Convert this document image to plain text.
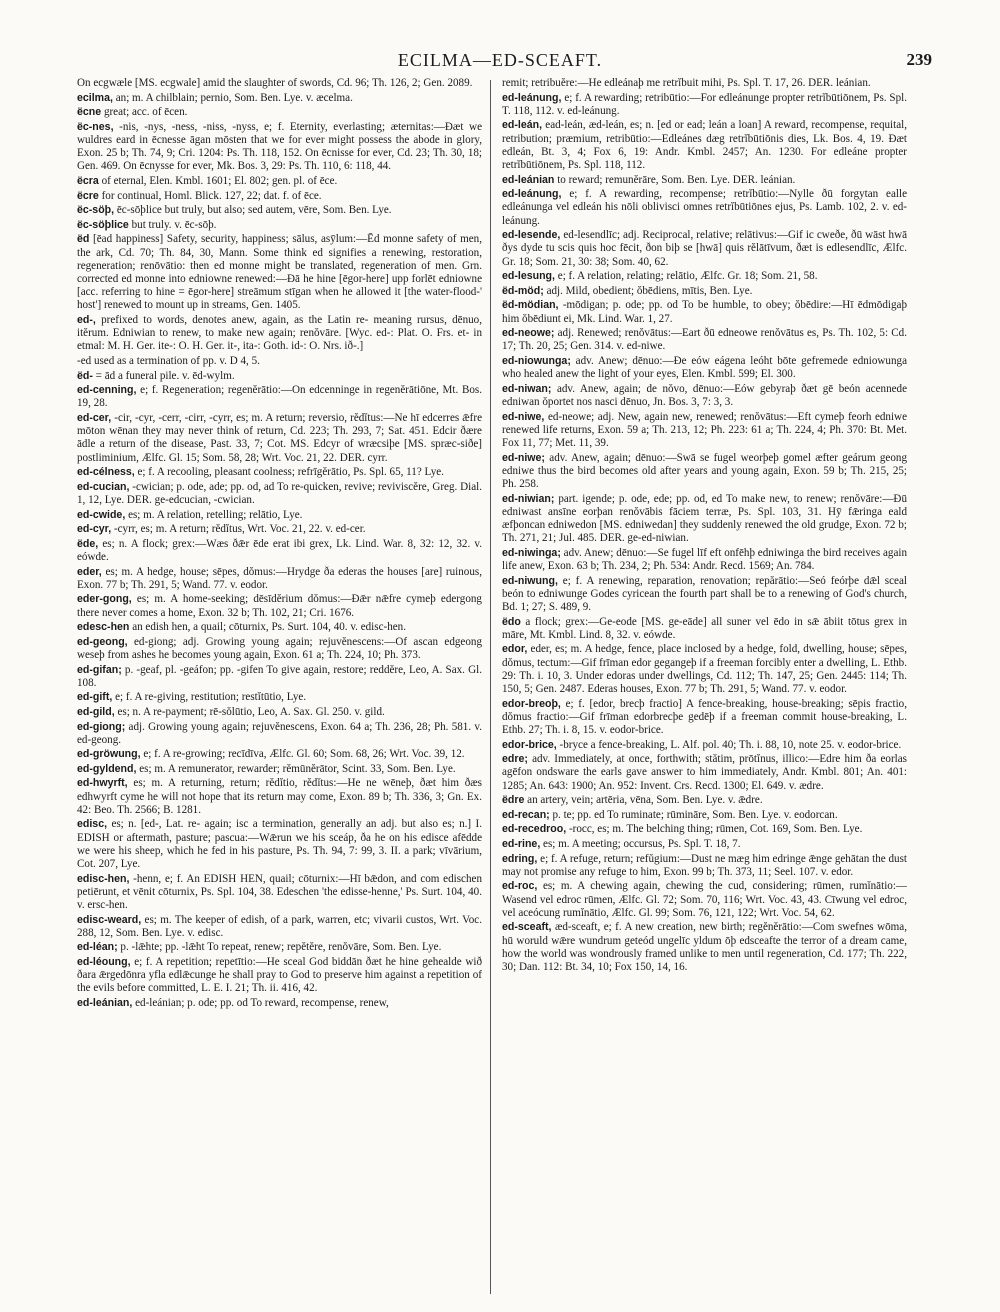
ECILMA—ED-SCEAFT.	239

On ecgwæle [MS. ecgwale] amid the slaughter of swords, Cd. 96; Th. 126, 2; Gen. 2089.

ecilma, an; m. A chilblain; pernio, Som. Ben. Lye. v. æcelma.

ëcne great; acc. of ēcen.

ëc-nes, -nis, -nys, -ness, -niss, -nyss, e; f. Eternity, everlasting; æternitas:—Ðæt we wuldres eard in ēcnesse āgan mōsten that we for ever might possess the abode in glory, Exon. 25 b; Th. 74, 9; Cri. 1204: Ps. Th. 118, 152. On ēcnisse for ever, Cd. 23; Th. 30, 18; Gen. 469. On ēcnysse for ever, Mk. Bos. 3, 29: Ps. Th. 110, 6: 118, 44.

ëcra of eternal, Elen. Kmbl. 1601; El. 802; gen. pl. of ēce.

ëcre for continual, Homl. Blick. 127, 22; dat. f. of ēce.

ëc-söþ, ēc-sōþlice but truly, but also; sed autem, vēre, Som. Ben. Lye.

ëc-söþlice but truly. v. ēc-sōþ.

ëd [ēad happiness] Safety, security, happiness; sālus, asȳlum:—Ēd monne safety of men, the ark, Cd. 70; Th. 84, 30, Mann. Some think ed signifies a renewing, restoration, regeneration; renōvātio: then ed monne might be translated, regeneration of men. Grn. corrected ed monne into edniowne renewed:—Ðā he hine [ēgor-here] upp forlēt edniowne [acc. referring to hine = ēgor-here] streāmum stīgan when he allowed it [the water-flood-' host'] renewed to mount up in streams, Gen. 1405.

ed-, prefixed to words, denotes anew, again, as the Latin re- meaning rursus, dēnuo, itĕrum. Edniwian to renew, to make new again; renŏvāre. [Wyc. ed-: Plat. O. Frs. et- in etmal: M. H. Ger. ite-: O. H. Ger. it-, ita-: Goth. id-: O. Nrs. ið-.]

-ed used as a termination of pp. v. D 4, 5.

ëd- = ād a funeral pile. v. ēd-wylm.

ed-cenning, e; f. Regeneration; regenĕrātio:—On edcenninge in regenĕrātiōne, Mt. Bos. 19, 28.

ed-cer, -cir, -cyr, -cerr, -cirr, -cyrr, es; m. A return; reversio, rĕdĭtus:—Ne hī edcerres ǣfre mōton wēnan they may never think of return, Cd. 223; Th. 293, 7; Sat. 451. Edcir ðære ādle a return of the disease, Past. 33, 7; Cot. MS. Edcyr of wræcsiþe [MS. spræc-siðe] postliminium, Ælfc. Gl. 15; Som. 58, 28; Wrt. Voc. 21, 22. DER. cyrr.

ed-célness, e; f. A recooling, pleasant coolness; refrīgĕrātio, Ps. Spl. 65, 11? Lye.

ed-cucian, -cwician; p. ode, ade; pp. od, ad To re-quicken, revive; reviviscĕre, Greg. Dial. 1, 12, Lye. DER. ge-edcucian, -cwician.

ed-cwide, es; m. A relation, retelling; relātio, Lye.

ed-cyr, -cyrr, es; m. A return; rĕdĭtus, Wrt. Voc. 21, 22. v. ed-cer.

ëde, es; n. A flock; grex:—Wæs ðǣr ēde erat ibi grex, Lk. Lind. War. 8, 32: 12, 32. v. eówde.

eder, es; m. A hedge, house; sēpes, dŏmus:—Hrydge ða ederas the houses [are] ruinous, Exon. 77 b; Th. 291, 5; Wand. 77. v. eodor.

eder-gong, es; m. A home-seeking; dēsīdĕrium dŏmus:—Ðǣr nǣfre cymeþ edergong there never comes a home, Exon. 32 b; Th. 102, 21; Cri. 1676.

edesc-hen an edish hen, a quail; cōturnix, Ps. Surt. 104, 40. v. edisc-hen.

ed-geong, ed-giong; adj. Growing young again; rejuvĕnescens:—Of ascan edgeong weseþ from ashes he becomes young again, Exon. 61 a; Th. 224, 10; Ph. 373.

ed-gifan; p. -geaf, pl. -geáfon; pp. -gifen To give again, restore; reddĕre, Leo, A. Sax. Gl. 108.

ed-gift, e; f. A re-giving, restitution; restĭtūtio, Lye.

ed-gild, es; n. A re-payment; rē-sŏlūtio, Leo, A. Sax. Gl. 250. v. gild.

ed-giong; adj. Growing young again; rejuvĕnescens, Exon. 64 a; Th. 236, 28; Ph. 581. v. ed-geong.

ed-gröwung, e; f. A re-growing; recīdīva, Ælfc. Gl. 60; Som. 68, 26; Wrt. Voc. 39, 12.

ed-gyldend, es; m. A remunerator, rewarder; rĕmūnĕrātor, Scint. 33, Som. Ben. Lye.

ed-hwyrft, es; m. A returning, return; rĕdĭtio, rĕdĭtus:—He ne wēneþ, ðæt him ðæs edhwyrft cyme he will not hope that its return may come, Exon. 89 b; Th. 336, 3; Gn. Ex. 42: Beo. Th. 2566; B. 1281.

edisc, es; n. [ed-, Lat. re- again; isc a termination, generally an adj. but also es; n.] I. EDISH or aftermath, pasture; pascua:—Wǣrun we his sceáp, ða he on his edisce afēdde we were his sheep, which he fed in his pasture, Ps. Th. 94, 7: 99, 3. II. a park; vīvārium, Cot. 207, Lye.

edisc-hen, -henn, e; f. An EDISH HEN, quail; cōturnix:—Hī bǣdon, and com edischen petiērunt, et vēnit cōturnix, Ps. Spl. 104, 38. Edeschen 'the edisse-henne,' Ps. Surt. 104, 40. v. ersc-hen.

edisc-weard, es; m. The keeper of edish, of a park, warren, etc; vivarii custos, Wrt. Voc. 288, 12, Som. Ben. Lye. v. edisc.

ed-léan; p. -lǣhte; pp. -lǣht To repeat, renew; repĕtĕre, renŏvāre, Som. Ben. Lye.

ed-léoung, e; f. A repetition; repetītio:—He sceal God biddān ðæt he hine gehealde wið ðara ǣrgedōnra yfla edlǣcunge he shall pray to God to preserve him against a repetition of the evils before committed, L. E. I. 21; Th. ii. 416, 42.

ed-leánian, ed-leánian; p. ode; pp. od To reward, recompense, renew,

remit; retribuĕre:—He edleánaþ me retrĭbuit mihi, Ps. Spl. T. 17, 26. DER. leánian.

ed-leánung, e; f. A rewarding; retribūtio:—For edleánunge propter retrĭbūtiōnem, Ps. Spl. T. 118, 112. v. ed-leánung.

ed-leán, ead-leán, æd-leán, es; n. [ed or ead; leán a loan] A reward, recompense, requital, retribution; præmium, retribūtio:—Edleánes dæg retrĭbūtiōnis dies, Lk. Bos. 4, 19. Ðæt edleán, Bt. 3, 4; Fox 6, 19: Andr. Kmbl. 2457; An. 1230. For edleáne propter retrĭbūtiōnem, Ps. Spl. 118, 112.

ed-leánian to reward; remunĕrāre, Som. Ben. Lye. DER. leánian.

ed-leánung, e; f. A rewarding, recompense; retrĭbūtio:—Nylle ðū forgytan ealle edleánunga vel edleán his nōli oblivisci omnes retrĭbūtiōnes ejus, Ps. Lamb. 102, 2. v. ed-leánung.

ed-lesende, ed-lesendlīc; adj. Reciprocal, relative; relātivus:—Gif ic cweðe, ðū wāst hwā ðys dyde tu scis quis hoc fēcit, ðon biþ se [hwā] quis rĕlātīvum, ðæt is edlesendlīc, Ælfc. Gr. 18; Som. 21, 30: 38; Som. 40, 62.

ed-lesung, e; f. A relation, relating; relātio, Ælfc. Gr. 18; Som. 21, 58.

ëd-möd; adj. Mild, obedient; ŏbēdiens, mītis, Ben. Lye.

ëd-mödian, -mōdigan; p. ode; pp. od To be humble, to obey; ŏbēdire:—Hī ēdmōdigaþ him ŏbēdiunt ei, Mk. Lind. War. 1, 27.

ed-neowe; adj. Renewed; renŏvātus:—Eart ðū edneowe renŏvātus es, Ps. Th. 102, 5: Cd. 17; Th. 20, 25; Gen. 314. v. ed-niwe.

ed-niowunga; adv. Anew; dēnuo:—Ðe eów eágena leóht bōte gefremede edniowunga who healed anew the light of your eyes, Elen. Kmbl. 599; El. 300.

ed-niwan; adv. Anew, again; de nŏvo, dēnuo:—Eów gebyraþ ðæt gē beón acennede edniwan ŏportet nos nasci dēnuo, Jn. Bos. 3, 7: 3, 3.

ed-niwe, ed-neowe; adj. New, again new, renewed; renŏvātus:—Eft cymeþ feorh edniwe renewed life returns, Exon. 59 a; Th. 213, 12; Ph. 223: 61 a; Th. 224, 4; Ph. 370: Bt. Met. Fox 11, 77; Met. 11, 39.

ed-niwe; adv. Anew, again; dēnuo:—Swā se fugel weorþeþ gomel æfter geárum geong edniwe thus the bird becomes old after years and young again, Exon. 59 b; Th. 215, 25; Ph. 258.

ed-niwian; part. igende; p. ode, ede; pp. od, ed To make new, to renew; renŏvāre:—Ðū edniwast ansīne eorþan renŏvābis fāciem terræ, Ps. Spl. 103, 31. Hȳ fǣringa eald æfþoncan edniwedon [MS. edniwedan] they suddenly renewed the old grudge, Exon. 72 b; Th. 271, 21; Jul. 485. DER. ge-ed-niwian.

ed-niwinga; adv. Anew; dēnuo:—Se fugel līf eft onfēhþ edniwinga the bird receives again life anew, Exon. 63 b; Th. 234, 2; Ph. 534: Andr. Recd. 1569; An. 784.

ed-niwung, e; f. A renewing, reparation, renovation; repărātio:—Seó feórþe dǣl sceal beón to edniwunge Godes cyricean the fourth part shall be to a renewing of God's church, Bd. 1; 27; S. 489, 9.

ëdo a flock; grex:—Ge-eode [MS. ge-eāde] all suner vel ēdo in sǣ ābiit tōtus grex in māre, Mt. Kmbl. Lind. 8, 32. v. eówde.

edor, eder, es; m. A hedge, fence, place inclosed by a hedge, fold, dwelling, house; sēpes, dŏmus, tectum:—Gif frīman edor gegangeþ if a freeman forcibly enter a dwelling, L. Ethb. 29: Th. i. 10, 3. Under edoras under dwellings, Cd. 112; Th. 147, 25; Gen. 2445: 114; Th. 150, 5; Gen. 2487. Ederas houses, Exon. 77 b; Th. 291, 5; Wand. 77. v. eodor.

edor-breoþ, e; f. [edor, brecþ fractio] A fence-breaking, house-breaking; sēpis fractio, dŏmus fractio:—Gif frīman edorbrecþe gedēþ if a freeman commit house-breaking, L. Ethb. 27; Th. i. 8, 15. v. eodor-brice.

edor-brice, -bryce a fence-breaking, L. Alf. pol. 40; Th. i. 88, 10, note 25. v. eodor-brice.

edre; adv. Immediately, at once, forthwith; stătim, prōtĭnus, illico:—Edre him ða eorlas agēfon ondsware the earls gave answer to him immediately, Andr. Kmbl. 801; An. 401: 1285; An. 643: 1900; An. 952: Invent. Crs. Recd. 1300; El. 649. v. ædre.

ëdre an artery, vein; artēria, vēna, Som. Ben. Lye. v. ǣdre.

ed-recan; p. te; pp. ed To ruminate; rūmināre, Som. Ben. Lye. v. eodorcan.

ed-recedroo, -rocc, es; m. The belching thing; rūmen, Cot. 169, Som. Ben. Lye.

ed-rine, es; m. A meeting; occursus, Ps. Spl. T. 18, 7.

edring, e; f. A refuge, return; refŭgium:—Dust ne mæg him edringe ǣnge gehātan the dust may not promise any refuge to him, Exon. 99 b; Th. 373, 11; Seel. 107. v. edor.

ed-roc, es; m. A chewing again, chewing the cud, considering; rūmen, rumĭnātio:—Wasend vel edroc rūmen, Ælfc. Gl. 72; Som. 70, 116; Wrt. Voc. 43, 43. Cīwung vel edroc, vel aceócung rumĭnātio, Ælfc. Gl. 99; Som. 76, 121, 122; Wrt. Voc. 54, 62.

ed-sceaft, æd-sceaft, e; f. A new creation, new birth; regĕnĕrātio:—Com swefnes wōma, hū woruld wǣre wundrum geteód ungelīc yldum ōþ edsceafte the terror of a dream came, how the world was wondrously framed unlike to men until regeneration, Cd. 177; Th. 222, 30; Dan. 112: Bt. 34, 10; Fox 150, 14, 16.
